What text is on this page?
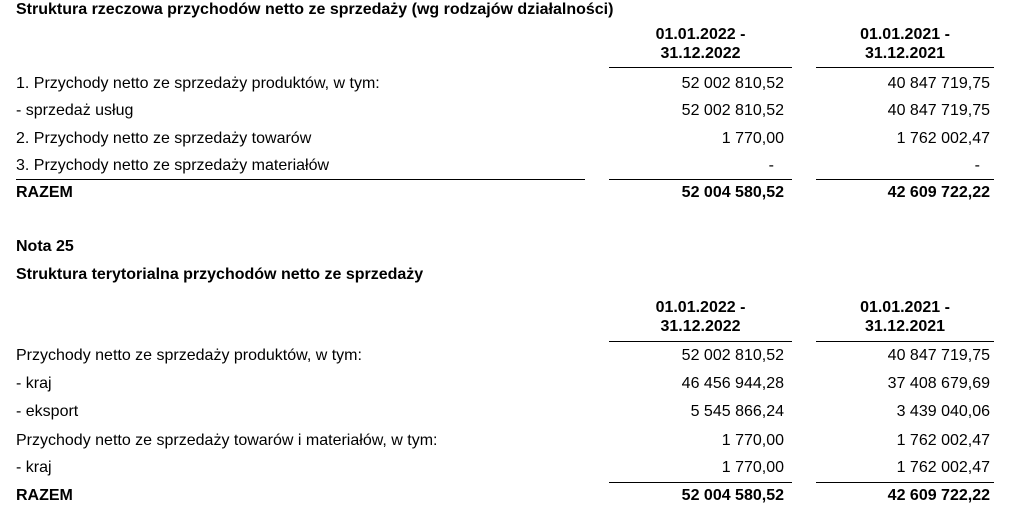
Struktura rzeczowa przychodów netto ze sprzedaży (wg rodzajów działalności)
01.01.2022 -
31.12.2022
01.01.2021 -
31.12.2021
1. Przychody netto ze sprzedaży produktów, w tym:	52 002 810,52	40 847 719,75
- sprzedaż usług	52 002 810,52	40 847 719,75
2. Przychody netto ze sprzedaży towarów	1 770,00	1 762 002,47
3. Przychody netto ze sprzedaży materiałów	-	-
RAZEM	52 004 580,52	42 609 722,22
Nota 25
Struktura terytorialna przychodów netto ze sprzedaży
01.01.2022 -
31.12.2022
01.01.2021 -
31.12.2021
Przychody netto ze sprzedaży produktów, w tym:	52 002 810,52	40 847 719,75
- kraj	46 456 944,28	37 408 679,69
- eksport	5 545 866,24	3 439 040,06
Przychody netto ze sprzedaży towarów i materiałów, w tym:	1 770,00	1 762 002,47
- kraj	1 770,00	1 762 002,47
RAZEM	52 004 580,52	42 609 722,22
